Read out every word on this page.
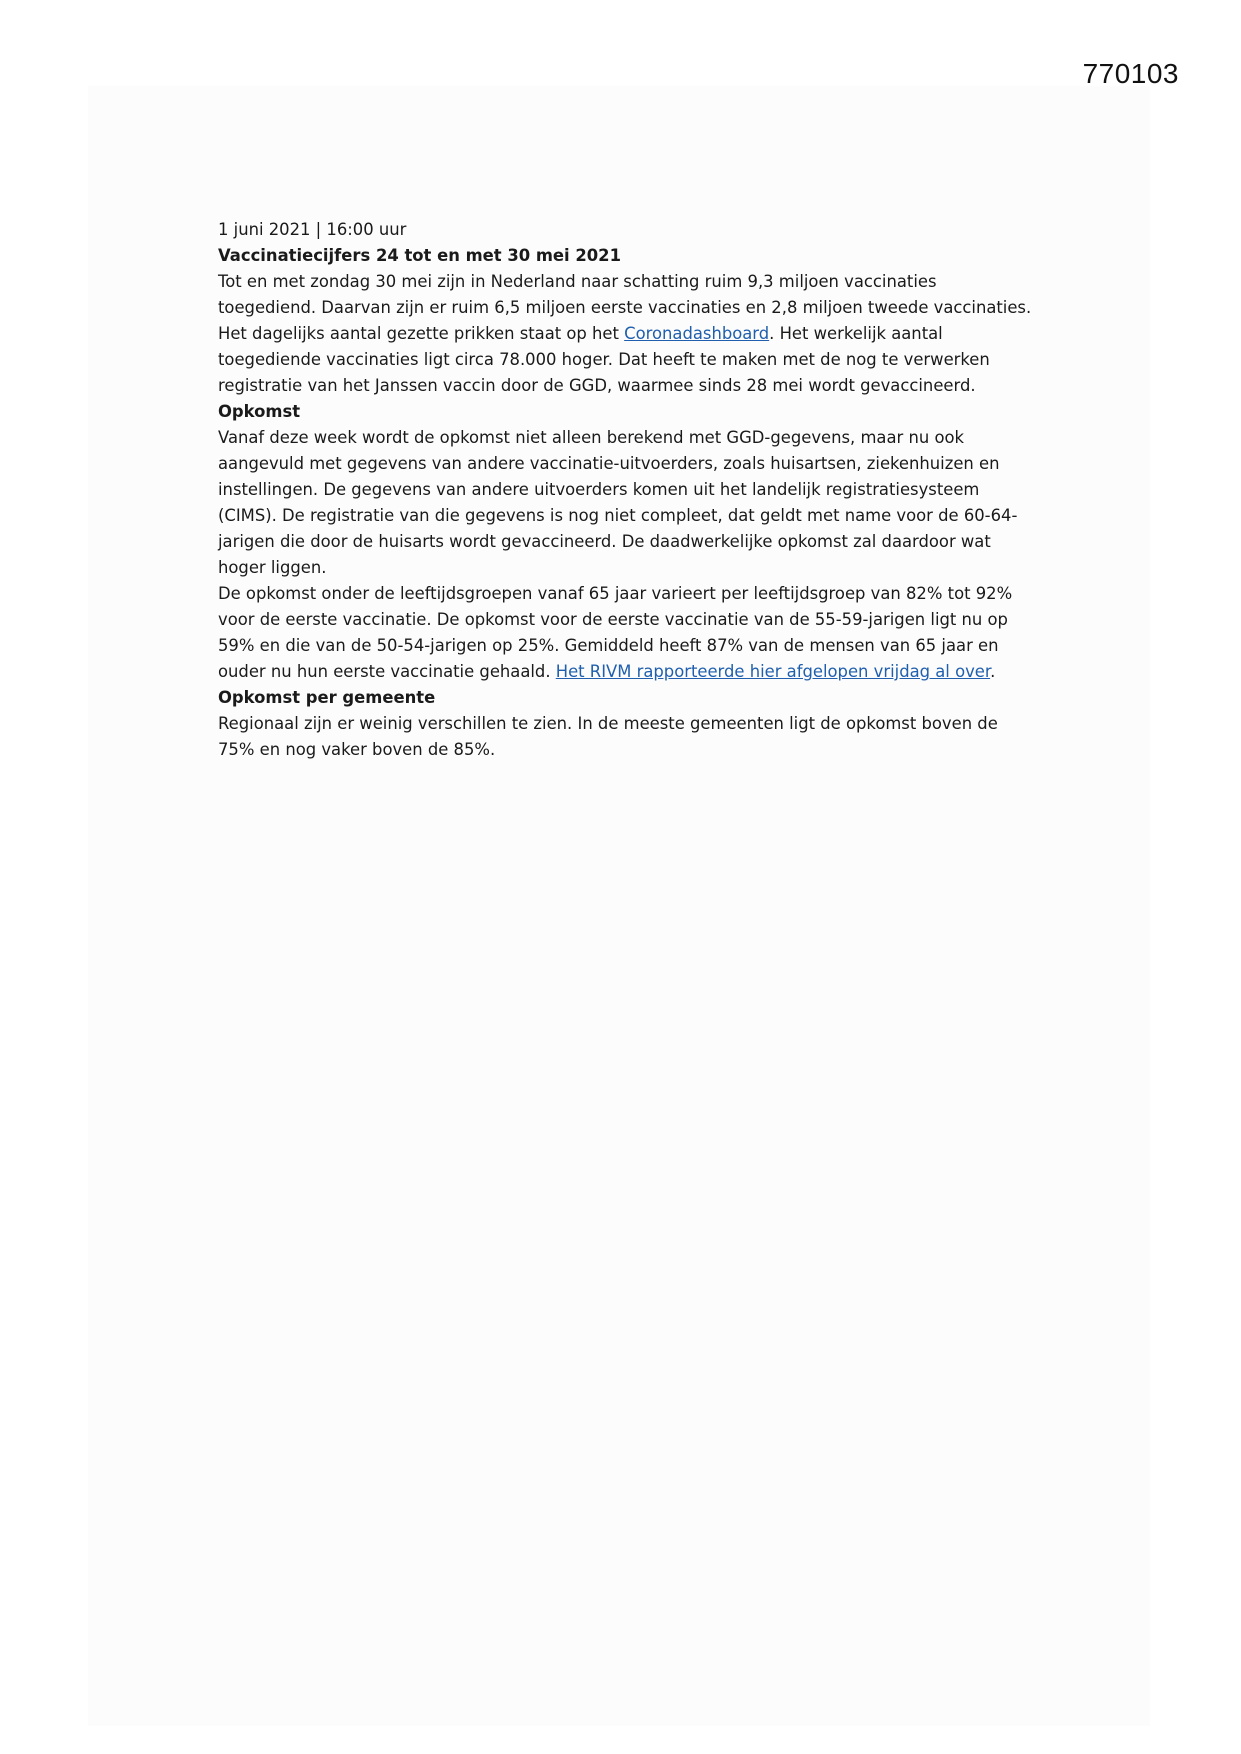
770103

1 juni 2021 | 16:00 uur

Vaccinatiecijfers 24 tot en met 30 mei 2021

Tot en met zondag 30 mei zijn in Nederland naar schatting ruim 9,3 miljoen vaccinaties toegediend. Daarvan zijn er ruim 6,5 miljoen eerste vaccinaties en 2,8 miljoen tweede vaccinaties. Het dagelijks aantal gezette prikken staat op het Coronadashboard. Het werkelijk aantal toegediende vaccinaties ligt circa 78.000 hoger. Dat heeft te maken met de nog te verwerken registratie van het Janssen vaccin door de GGD, waarmee sinds 28 mei wordt gevaccineerd.

Opkomst

Vanaf deze week wordt de opkomst niet alleen berekend met GGD-gegevens, maar nu ook aangevuld met gegevens van andere vaccinatie-uitvoerders, zoals huisartsen, ziekenhuizen en instellingen. De gegevens van andere uitvoerders komen uit het landelijk registratiesysteem (CIMS). De registratie van die gegevens is nog niet compleet, dat geldt met name voor de 60-64-jarigen die door de huisarts wordt gevaccineerd. De daadwerkelijke opkomst zal daardoor wat hoger liggen.

De opkomst onder de leeftijdsgroepen vanaf 65 jaar varieert per leeftijdsgroep van 82% tot 92% voor de eerste vaccinatie. De opkomst voor de eerste vaccinatie van de 55-59-jarigen ligt nu op 59% en die van de 50-54-jarigen op 25%. Gemiddeld heeft 87% van de mensen van 65 jaar en ouder nu hun eerste vaccinatie gehaald. Het RIVM rapporteerde hier afgelopen vrijdag al over.

Opkomst per gemeente

Regionaal zijn er weinig verschillen te zien. In de meeste gemeenten ligt de opkomst boven de 75% en nog vaker boven de 85%.
